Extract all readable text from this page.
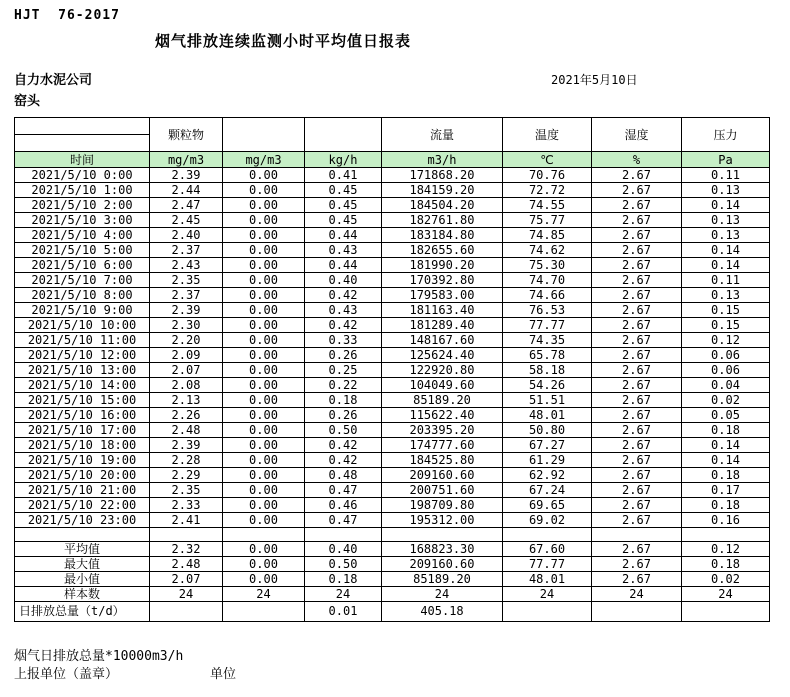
HJT  76-2017
烟气排放连续监测小时平均值日报表
自力水泥公司	2021年5月10日
窑头
	颗粒物			流量	温度	湿度	压力

时间	mg/m3	mg/m3	kg/h	m3/h	℃	%	Pa
2021/5/10 0:00	2.39	0.00	0.41	171868.20	70.76	2.67	0.11
2021/5/10 1:00	2.44	0.00	0.45	184159.20	72.72	2.67	0.13
2021/5/10 2:00	2.47	0.00	0.45	184504.20	74.55	2.67	0.14
2021/5/10 3:00	2.45	0.00	0.45	182761.80	75.77	2.67	0.13
2021/5/10 4:00	2.40	0.00	0.44	183184.80	74.85	2.67	0.13
2021/5/10 5:00	2.37	0.00	0.43	182655.60	74.62	2.67	0.14
2021/5/10 6:00	2.43	0.00	0.44	181990.20	75.30	2.67	0.14
2021/5/10 7:00	2.35	0.00	0.40	170392.80	74.70	2.67	0.11
2021/5/10 8:00	2.37	0.00	0.42	179583.00	74.66	2.67	0.13
2021/5/10 9:00	2.39	0.00	0.43	181163.40	76.53	2.67	0.15
2021/5/10 10:00	2.30	0.00	0.42	181289.40	77.77	2.67	0.15
2021/5/10 11:00	2.20	0.00	0.33	148167.60	74.35	2.67	0.12
2021/5/10 12:00	2.09	0.00	0.26	125624.40	65.78	2.67	0.06
2021/5/10 13:00	2.07	0.00	0.25	122920.80	58.18	2.67	0.06
2021/5/10 14:00	2.08	0.00	0.22	104049.60	54.26	2.67	0.04
2021/5/10 15:00	2.13	0.00	0.18	85189.20	51.51	2.67	0.02
2021/5/10 16:00	2.26	0.00	0.26	115622.40	48.01	2.67	0.05
2021/5/10 17:00	2.48	0.00	0.50	203395.20	50.80	2.67	0.18
2021/5/10 18:00	2.39	0.00	0.42	174777.60	67.27	2.67	0.14
2021/5/10 19:00	2.28	0.00	0.42	184525.80	61.29	2.67	0.14
2021/5/10 20:00	2.29	0.00	0.48	209160.60	62.92	2.67	0.18
2021/5/10 21:00	2.35	0.00	0.47	200751.60	67.24	2.67	0.17
2021/5/10 22:00	2.33	0.00	0.46	198709.80	69.65	2.67	0.18
2021/5/10 23:00	2.41	0.00	0.47	195312.00	69.02	2.67	0.16

平均值	2.32	0.00	0.40	168823.30	67.60	2.67	0.12
最大值	2.48	0.00	0.50	209160.60	77.77	2.67	0.18
最小值	2.07	0.00	0.18	85189.20	48.01	2.67	0.02
样本数	24	24	24	24	24	24	24
日排放总量（t/d）			0.01	405.18			
烟气日排放总量*10000m3/h
上报单位（盖章）	单位
